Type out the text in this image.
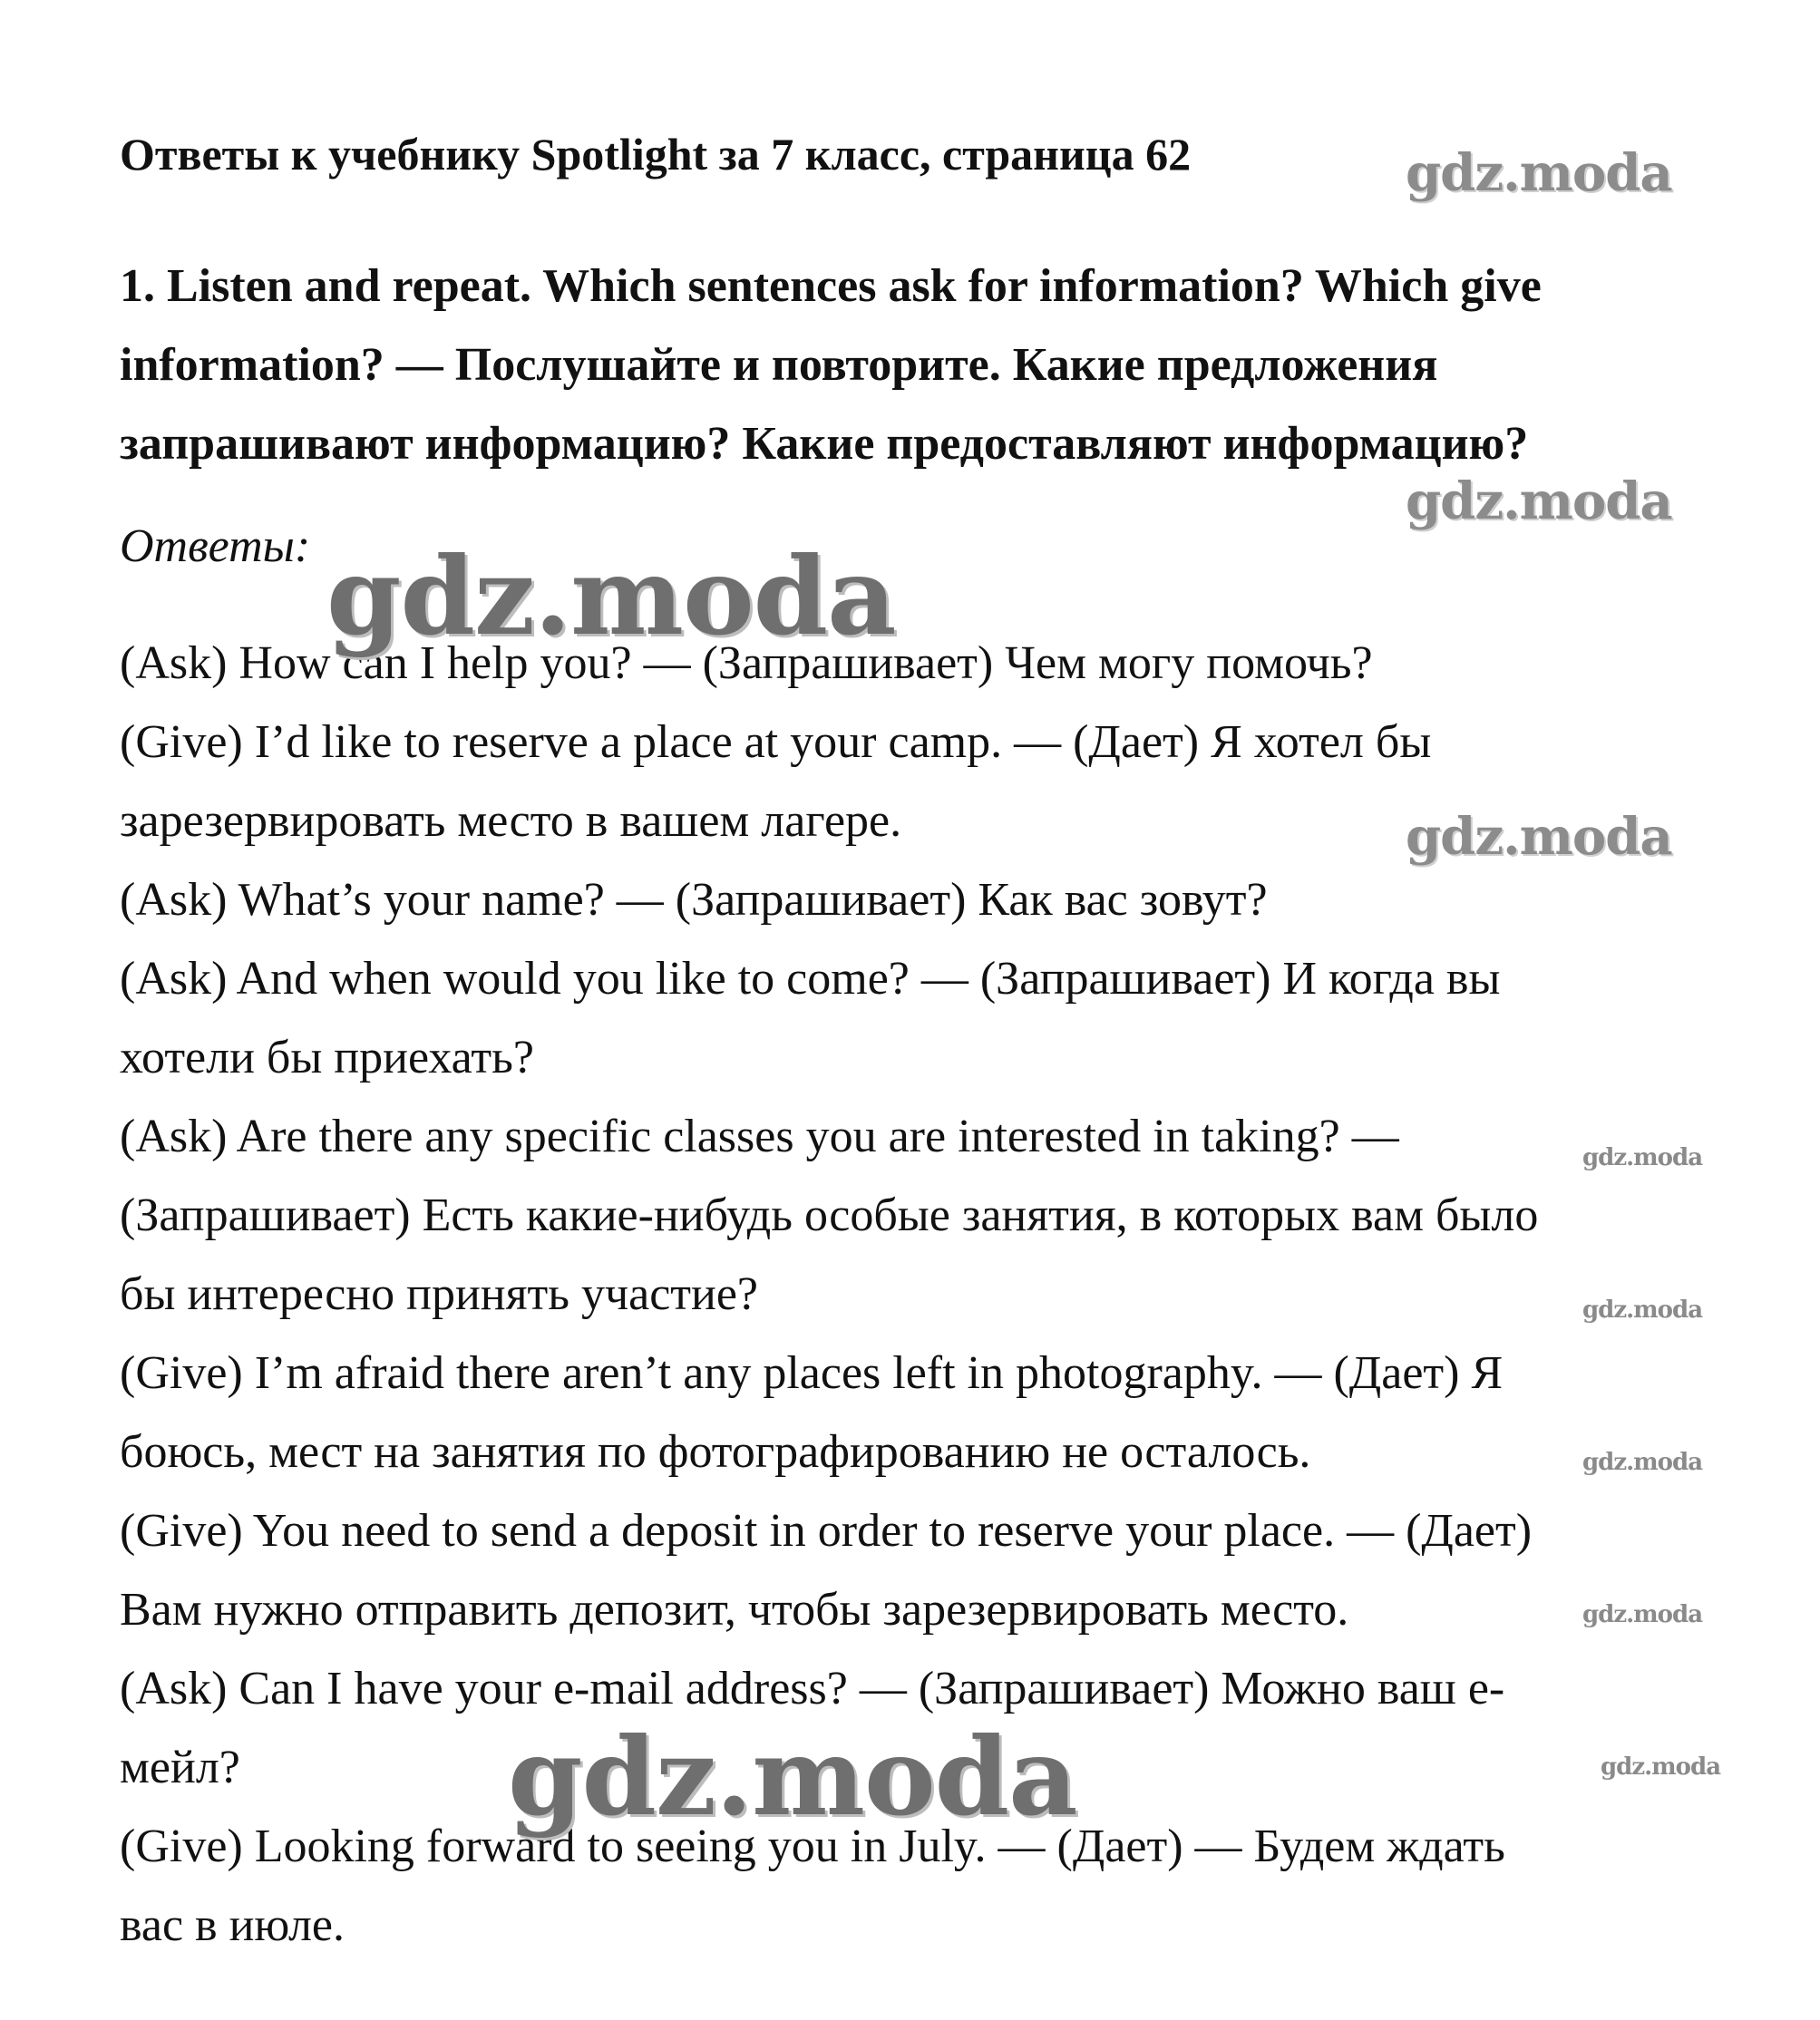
Ответы к учебнику Spotlight за 7 класс, страница 62
1. Listen and repeat. Which sentences ask for information? Which give
information? — Послушайте и повторите. Какие предложения
запрашивают информацию? Какие предоставляют информацию?
Ответы:
(Ask) How can I help you? — (Запрашивает) Чем могу помочь?
(Give) I’d like to reserve a place at your camp. — (Дает) Я хотел бы
зарезервировать место в вашем лагере.
(Ask) What’s your name? — (Запрашивает) Как вас зовут?
(Ask) And when would you like to come? — (Запрашивает) И когда вы
хотели бы приехать?
(Ask) Are there any specific classes you are interested in taking? —
(Запрашивает) Есть какие-нибудь особые занятия, в которых вам было
бы интересно принять участие?
(Give) I’m afraid there aren’t any places left in photography. — (Дает) Я
боюсь, мест на занятия по фотографированию не осталось.
(Give) You need to send a deposit in order to reserve your place. — (Дает)
Вам нужно отправить депозит, чтобы зарезервировать место.
(Ask) Can I have your e-mail address? — (Запрашивает) Можно ваш е-
мейл?
(Give) Looking forward to seeing you in July. — (Дает) — Будем ждать
вас в июле.
gdz.moda
gdz.moda
gdz.moda
gdz.moda
gdz.moda
gdz.moda
gdz.moda
gdz.moda
gdz.moda	gdz.moda
